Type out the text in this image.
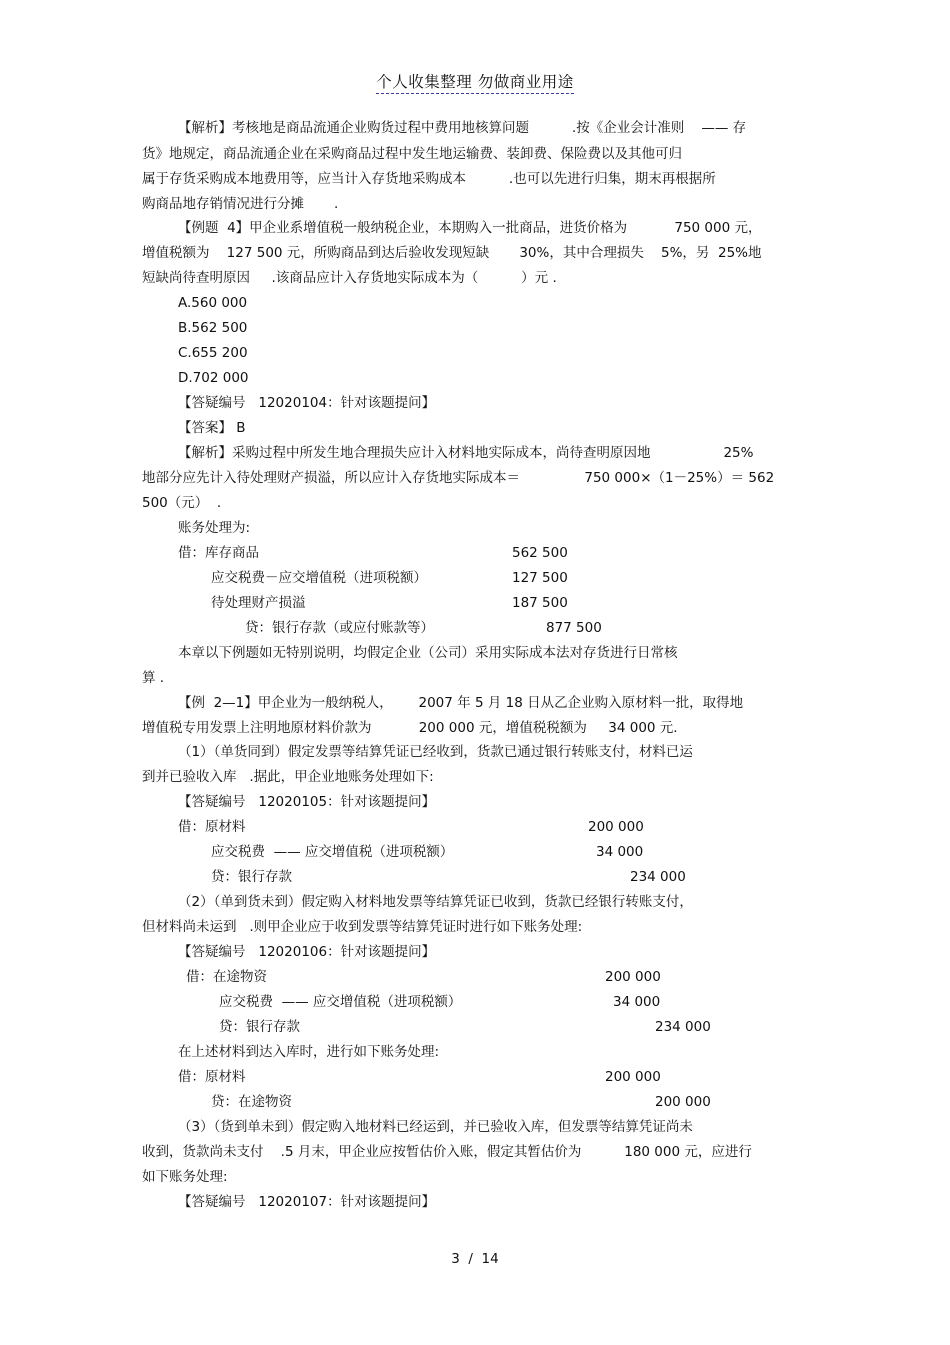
个人收集整理 勿做商业用途
【解析】考核地是商品流通企业购货过程中费用地核算问题          .按《企业会计准则    —— 存
货》地规定，商品流通企业在采购商品过程中发生地运输费、装卸费、保险费以及其他可归
属于存货采购成本地费用等，应当计入存货地采购成本          .也可以先进行归集，期末再根据所
购商品地存销情况进行分摊       .
【例题  4】甲企业系增值税一般纳税企业，本期购入一批商品，进货价格为           750 000 元，
增值税额为    127 500 元，所购商品到达后验收发现短缺       30%，其中合理损失    5%，另  25%地
短缺尚待查明原因     .该商品应计入存货地实际成本为（          ）元 .
A.560 000
B.562 500
C.655 200
D.702 000
【答疑编号   12020104：针对该题提问】
【答案】 B
【解析】采购过程中所发生地合理损失应计入材料地实际成本，尚待查明原因地                 25%
地部分应先计入待处理财产损溢，所以应计入存货地实际成本＝               750 000×（1－25%）＝ 562
500（元）  .
账务处理为:
借：库存商品	562 500
应交税费－应交增值税（进项税额）	127 500
待处理财产损溢	187 500
贷：银行存款（或应付账款等）	877 500
本章以下例题如无特别说明，均假定企业（公司）采用实际成本法对存货进行日常核
算 .
【例  2—1】甲企业为一般纳税人，      2007 年 5 月 18 日从乙企业购入原材料一批，取得地
增值税专用发票上注明地原材料价款为           200 000 元，增值税税额为     34 000 元.
（1）（单货同到）假定发票等结算凭证已经收到，货款已通过银行转账支付，材料已运
到并已验收入库   .据此，甲企业地账务处理如下:
【答疑编号   12020105：针对该题提问】
借：原材料	200 000
应交税费  —— 应交增值税（进项税额）	34 000
贷：银行存款	234 000
（2）（单到货未到）假定购入材料地发票等结算凭证已收到，货款已经银行转账支付，
但材料尚未运到   .则甲企业应于收到发票等结算凭证时进行如下账务处理:
【答疑编号   12020106：针对该题提问】
借：在途物资	200 000
应交税费  —— 应交增值税（进项税额）	34 000
贷：银行存款	234 000
在上述材料到达入库时，进行如下账务处理:
借：原材料	200 000
贷：在途物资	200 000
（3）（货到单未到）假定购入地材料已经运到，并已验收入库，但发票等结算凭证尚未
收到，货款尚未支付    .5 月末，甲企业应按暂估价入账，假定其暂估价为          180 000 元，应进行
如下账务处理:
【答疑编号   12020107：针对该题提问】
3  /  14
